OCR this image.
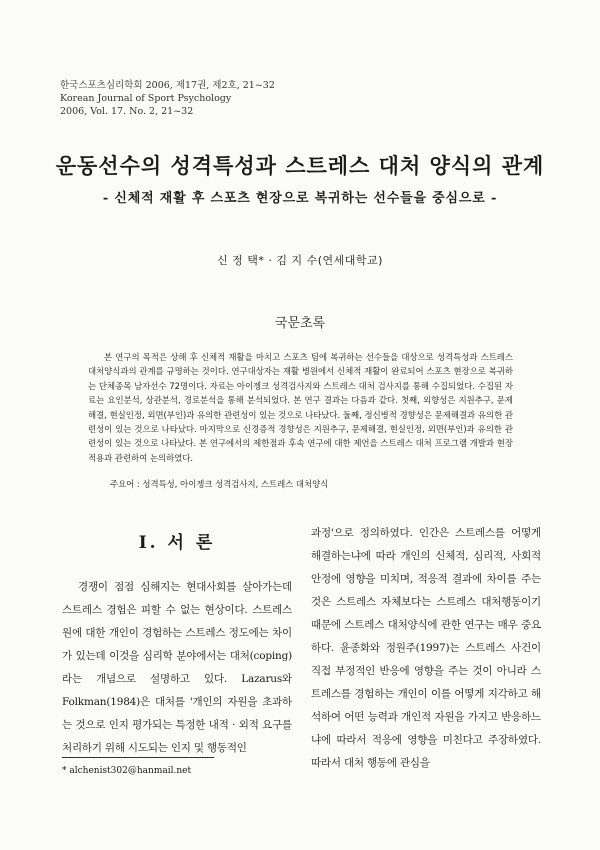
한국스포츠심리학회 2006, 제17권, 제2호, 21~32
Korean Journal of Sport Psychology
2006, Vol. 17. No. 2, 21~32
운동선수의 성격특성과 스트레스 대처 양식의 관계
- 신체적 재활 후 스포츠 현장으로 복귀하는 선수들을 중심으로 -
신 정 택* · 김 지 수(연세대학교)
국문초록

본 연구의 목적은 상해 후 신체적 재활을 마치고 스포츠 팀에 복귀하는 선수들을 대상으로 성격특성과 스트레스 대처양식과의 관계를 규명하는 것이다. 연구대상자는 재활 병원에서 신체적 재활이 완료되어 스포츠 현장으로 복귀하는 단체종목 남자선수 72명이다. 자료는 아이젱크 성격검사지와 스트레스 대처 검사지를 통해 수집되었다. 수집된 자료는 요인분석, 상관분석, 경로분석을 통해 분석되었다. 본 연구 결과는 다음과 같다. 첫째, 외향성은 지원추구, 문제해결, 현실인정, 외면(부인)과 유의한 관련성이 있는 것으로 나타났다. 둘째, 정신병적 경향성은 문제해결과 유의한 관련성이 있는 것으로 나타났다. 마지막으로 신경증적 경향성은 지원추구, 문제해결, 현실인정, 외면(부인)과 유의한 관련성이 있는 것으로 나타났다. 본 연구에서의 제한점과 후속 연구에 대한 제언을 스트레스 대처 프로그램 개발과 현장적용과 관련하여 논의하였다.

주요어 : 성격특성, 아이젱크 성격검사지, 스트레스 대처양식
I. 서 론

경쟁이 점점 심해지는 현대사회를 살아가는데 스트레스 경험은 피할 수 없는 현상이다. 스트레스원에 대한 개인이 경험하는 스트레스 정도에는 차이가 있는데 이것을 심리학 분야에서는 대처(coping)라는 개념으로 설명하고 있다. Lazarus와 Folkman(1984)은 대처를 '개인의 자원을 초과하는 것으로 인지 평가되는 특정한 내적 · 외적 요구를 처리하기 위해 시도되는 인지 및 행동적인

과정'으로 정의하였다. 인간은 스트레스를 어떻게 해결하는냐에 따라 개인의 신체적, 심리적, 사회적 안정에 영향을 미치며, 적응적 결과에 차이를 주는 것은 스트레스 자체보다는 스트레스 대처행동이기 때문에 스트레스 대처양식에 관한 연구는 매우 중요하다. 윤종화와 정원주(1997)는 스트레스 사건이 직접 부정적인 반응에 영향을 주는 것이 아니라 스트레스를 경험하는 개인이 이를 어떻게 지각하고 해석하여 어떤 능력과 개인적 자원을 가지고 반응하느냐에 따라서 적응에 영향을 미친다고 주장하였다. 따라서 대처 행동에 관심을

* alchenist302@hanmail.net
